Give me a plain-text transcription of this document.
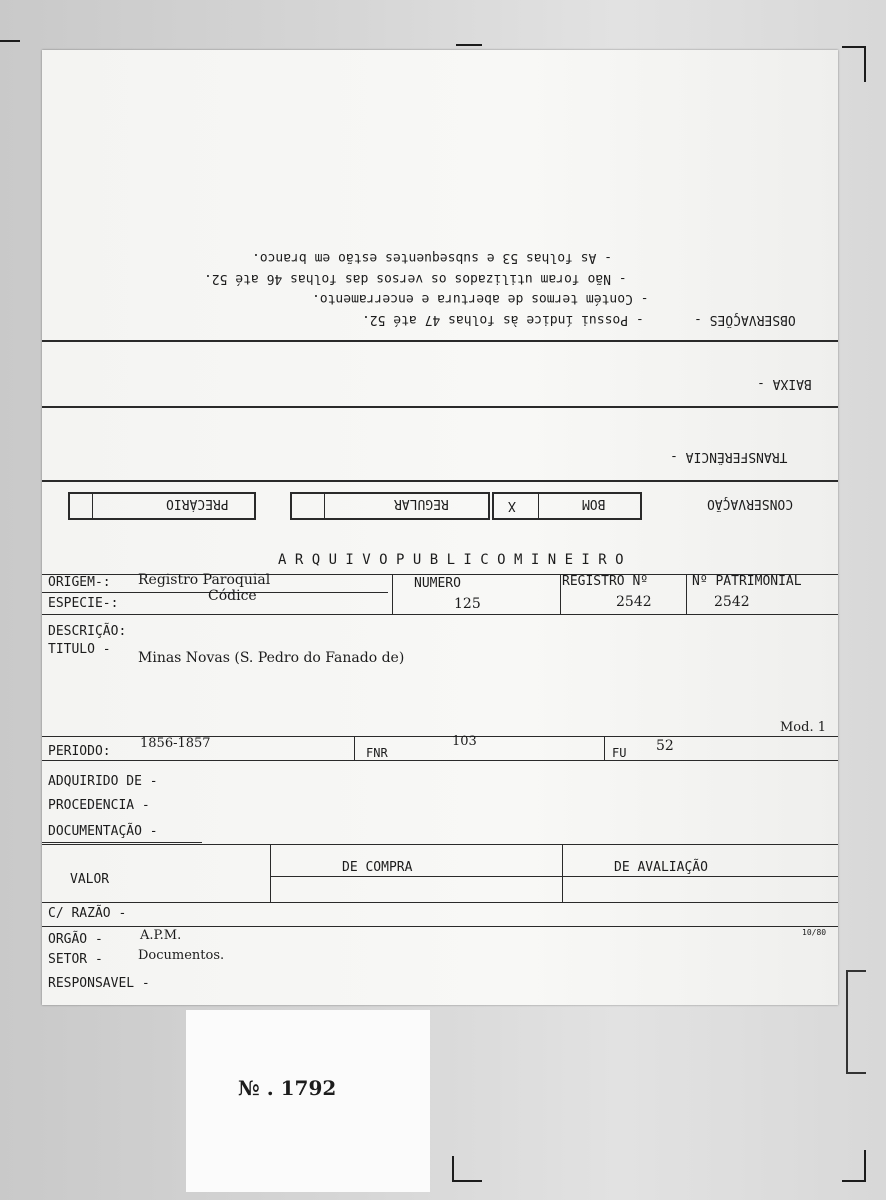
- As folhas 53 e subsequentes estão em branco.
- Não foram utilizados os versos das folhas 46 até 52.
- Contém termos de abertura e encerramento.
- Possui índice às folhas 47 até 52.	OBSERVAÇÕES -
BAIXA -
TRANSFERÊNCIA -
CONSERVAÇÃO
X	BOM
REGULAR
PRECÁRIO
A R Q U I V O P U B L I C O M I N E I R O
ORIGEM-: Registro Paroquial
ESPECIE-:	Códice
NUMERO
125
REGISTRO Nº
2542
Nº PATRIMONIAL
2542
DESCRIÇÃO:
TITULO -
Minas Novas (S. Pedro do Fanado de)
Mod. 1
PERIODO:
1856-1857
FNR
103
FU 52
ADQUIRIDO DE -
PROCEDENCIA -
DOCUMENTAÇÃO -
VALOR
DE COMPRA	DE AVALIAÇÃO
C/ RAZÃO -
ORGÃO -	A.P.M.	10/80
SETOR -	Documentos.
RESPONSAVEL -
№ . 1792
